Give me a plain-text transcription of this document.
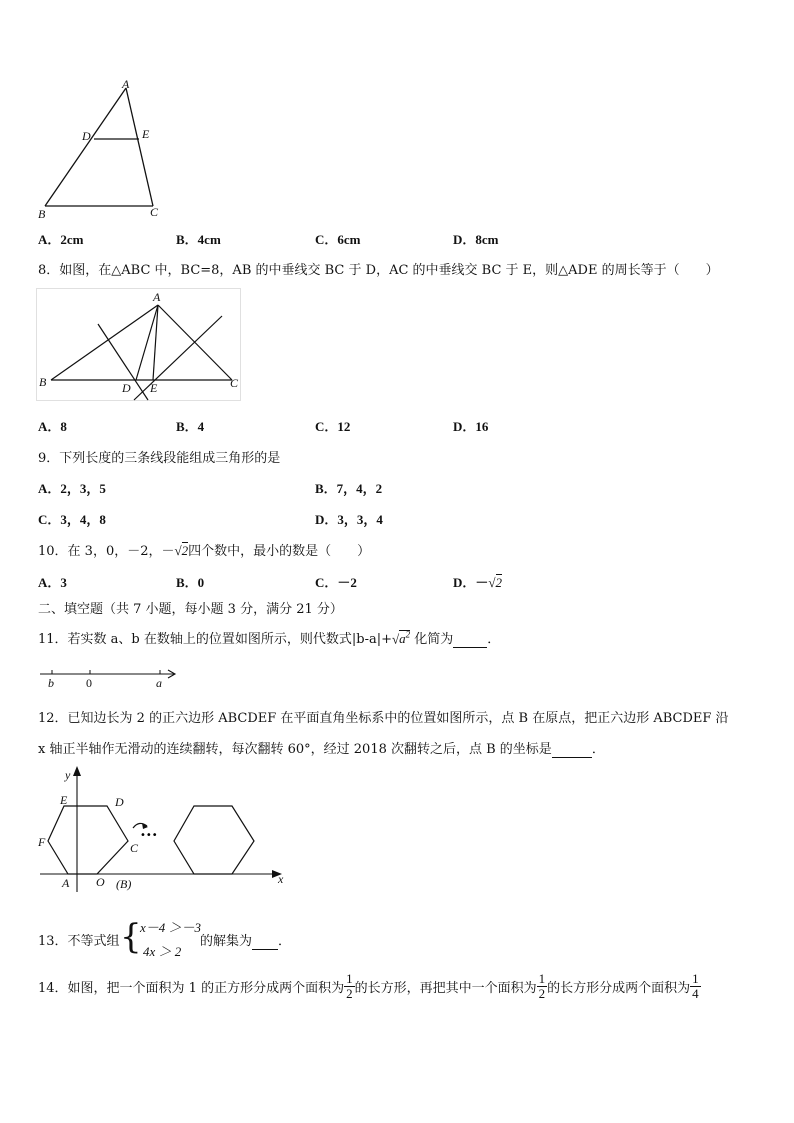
A
D	E
B	C
A．2cm	B．4cm	C．6cm	D．8cm
8．如图，在△ABC 中，BC=8，AB 的中垂线交 BC 于 D，AC 的中垂线交 BC 于 E，则△ADE 的周长等于（　　）
A
B	D E	C
A．8	B．4	C．12	D．16
9．下列长度的三条线段能组成三角形的是
A．2，3，5	B．7，4，2
C．3，4，8	D．3，3，4
10．在 3，0，－2，－√2四个数中，最小的数是（　　）
A．3	B．0	C．－2	D．－√2
二、填空题（共 7 小题，每小题 3 分，满分 21 分）
11．若实数 a、b 在数轴上的位置如图所示，则代数式$|b-a|+√a^2$ 化简为	．
b	0	a
12．已知边长为 2 的正六边形 ABCDEF 在平面直角坐标系中的位置如图所示，点 B 在原点，把正六边形 ABCDEF 沿
x 轴正半轴作无滑动的连续翻转，每次翻转 60°，经过 2018 次翻转之后，点 B 的坐标是	．
•••
y
x
E	D
F	C
A O (B)
13．不等式组 {
x－4 ＞－3
4x ＞ 2
的解集为 ．
14．如图，把一个面积为 1 的正方形分成两个面积为 $\frac{1}{2}$ 的长方形，再把其中一个面积为 $\frac{1}{2}$ 的长方形分成两个面积为 $\frac{1}{4}$
